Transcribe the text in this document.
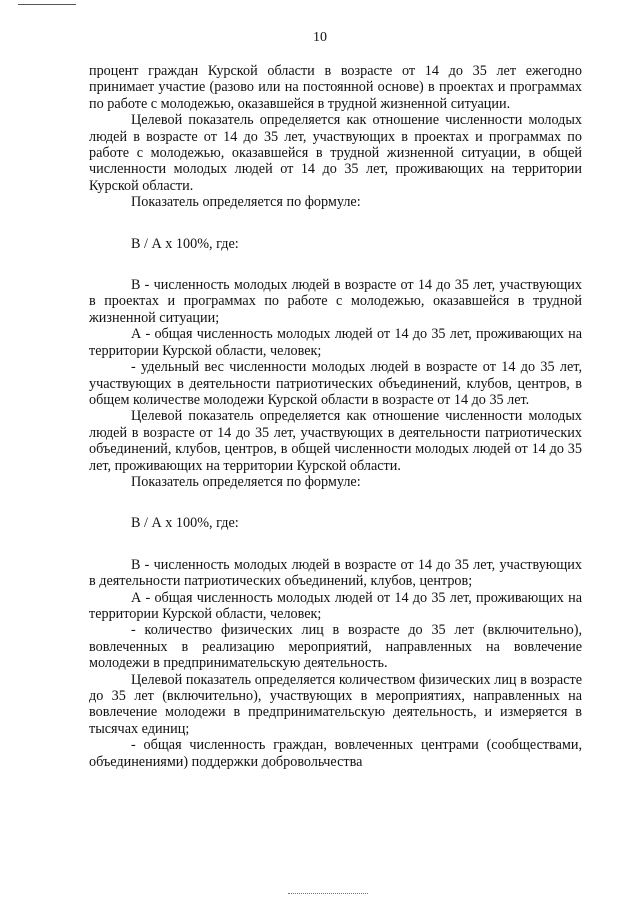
10

процент граждан Курской области в возрасте от 14 до 35 лет ежегодно принимает участие (разово или на постоянной основе) в проектах и программах по работе с молодежью, оказавшейся в трудной жизненной ситуации.

Целевой показатель определяется как отношение численности молодых людей в возрасте от 14 до 35 лет, участвующих в проектах и программах по работе с молодежью, оказавшейся в трудной жизненной ситуации, в общей численности молодых людей от 14 до 35 лет, проживающих на территории Курской области.

Показатель определяется по формуле:

В / А x 100%, где:

В - численность молодых людей в возрасте от 14 до 35 лет, участвующих в проектах и программах по работе с молодежью, оказавшейся в трудной жизненной ситуации;

А - общая численность молодых людей от 14 до 35 лет, проживающих на территории Курской области, человек;

- удельный вес численности молодых людей в возрасте от 14 до 35 лет, участвующих в деятельности патриотических объединений, клубов, центров, в общем количестве молодежи Курской области в возрасте от 14 до 35 лет.

Целевой показатель определяется как отношение численности молодых людей в возрасте от 14 до 35 лет, участвующих в деятельности патриотических объединений, клубов, центров, в общей численности молодых людей от 14 до 35 лет, проживающих на территории Курской области.

Показатель определяется по формуле:

В / А x 100%, где:

В - численность молодых людей в возрасте от 14 до 35 лет, участвующих в деятельности патриотических объединений, клубов, центров;

А - общая численность молодых людей от 14 до 35 лет, проживающих на территории Курской области, человек;

- количество физических лиц в возрасте до 35 лет (включительно), вовлеченных в реализацию мероприятий, направленных на вовлечение молодежи в предпринимательскую деятельность.

Целевой показатель определяется количеством физических лиц в возрасте до 35 лет (включительно), участвующих в мероприятиях, направленных на вовлечение молодежи в предпринимательскую деятельность, и измеряется в тысячах единиц;

- общая численность граждан, вовлеченных центрами (сообществами, объединениями) поддержки добровольчества
